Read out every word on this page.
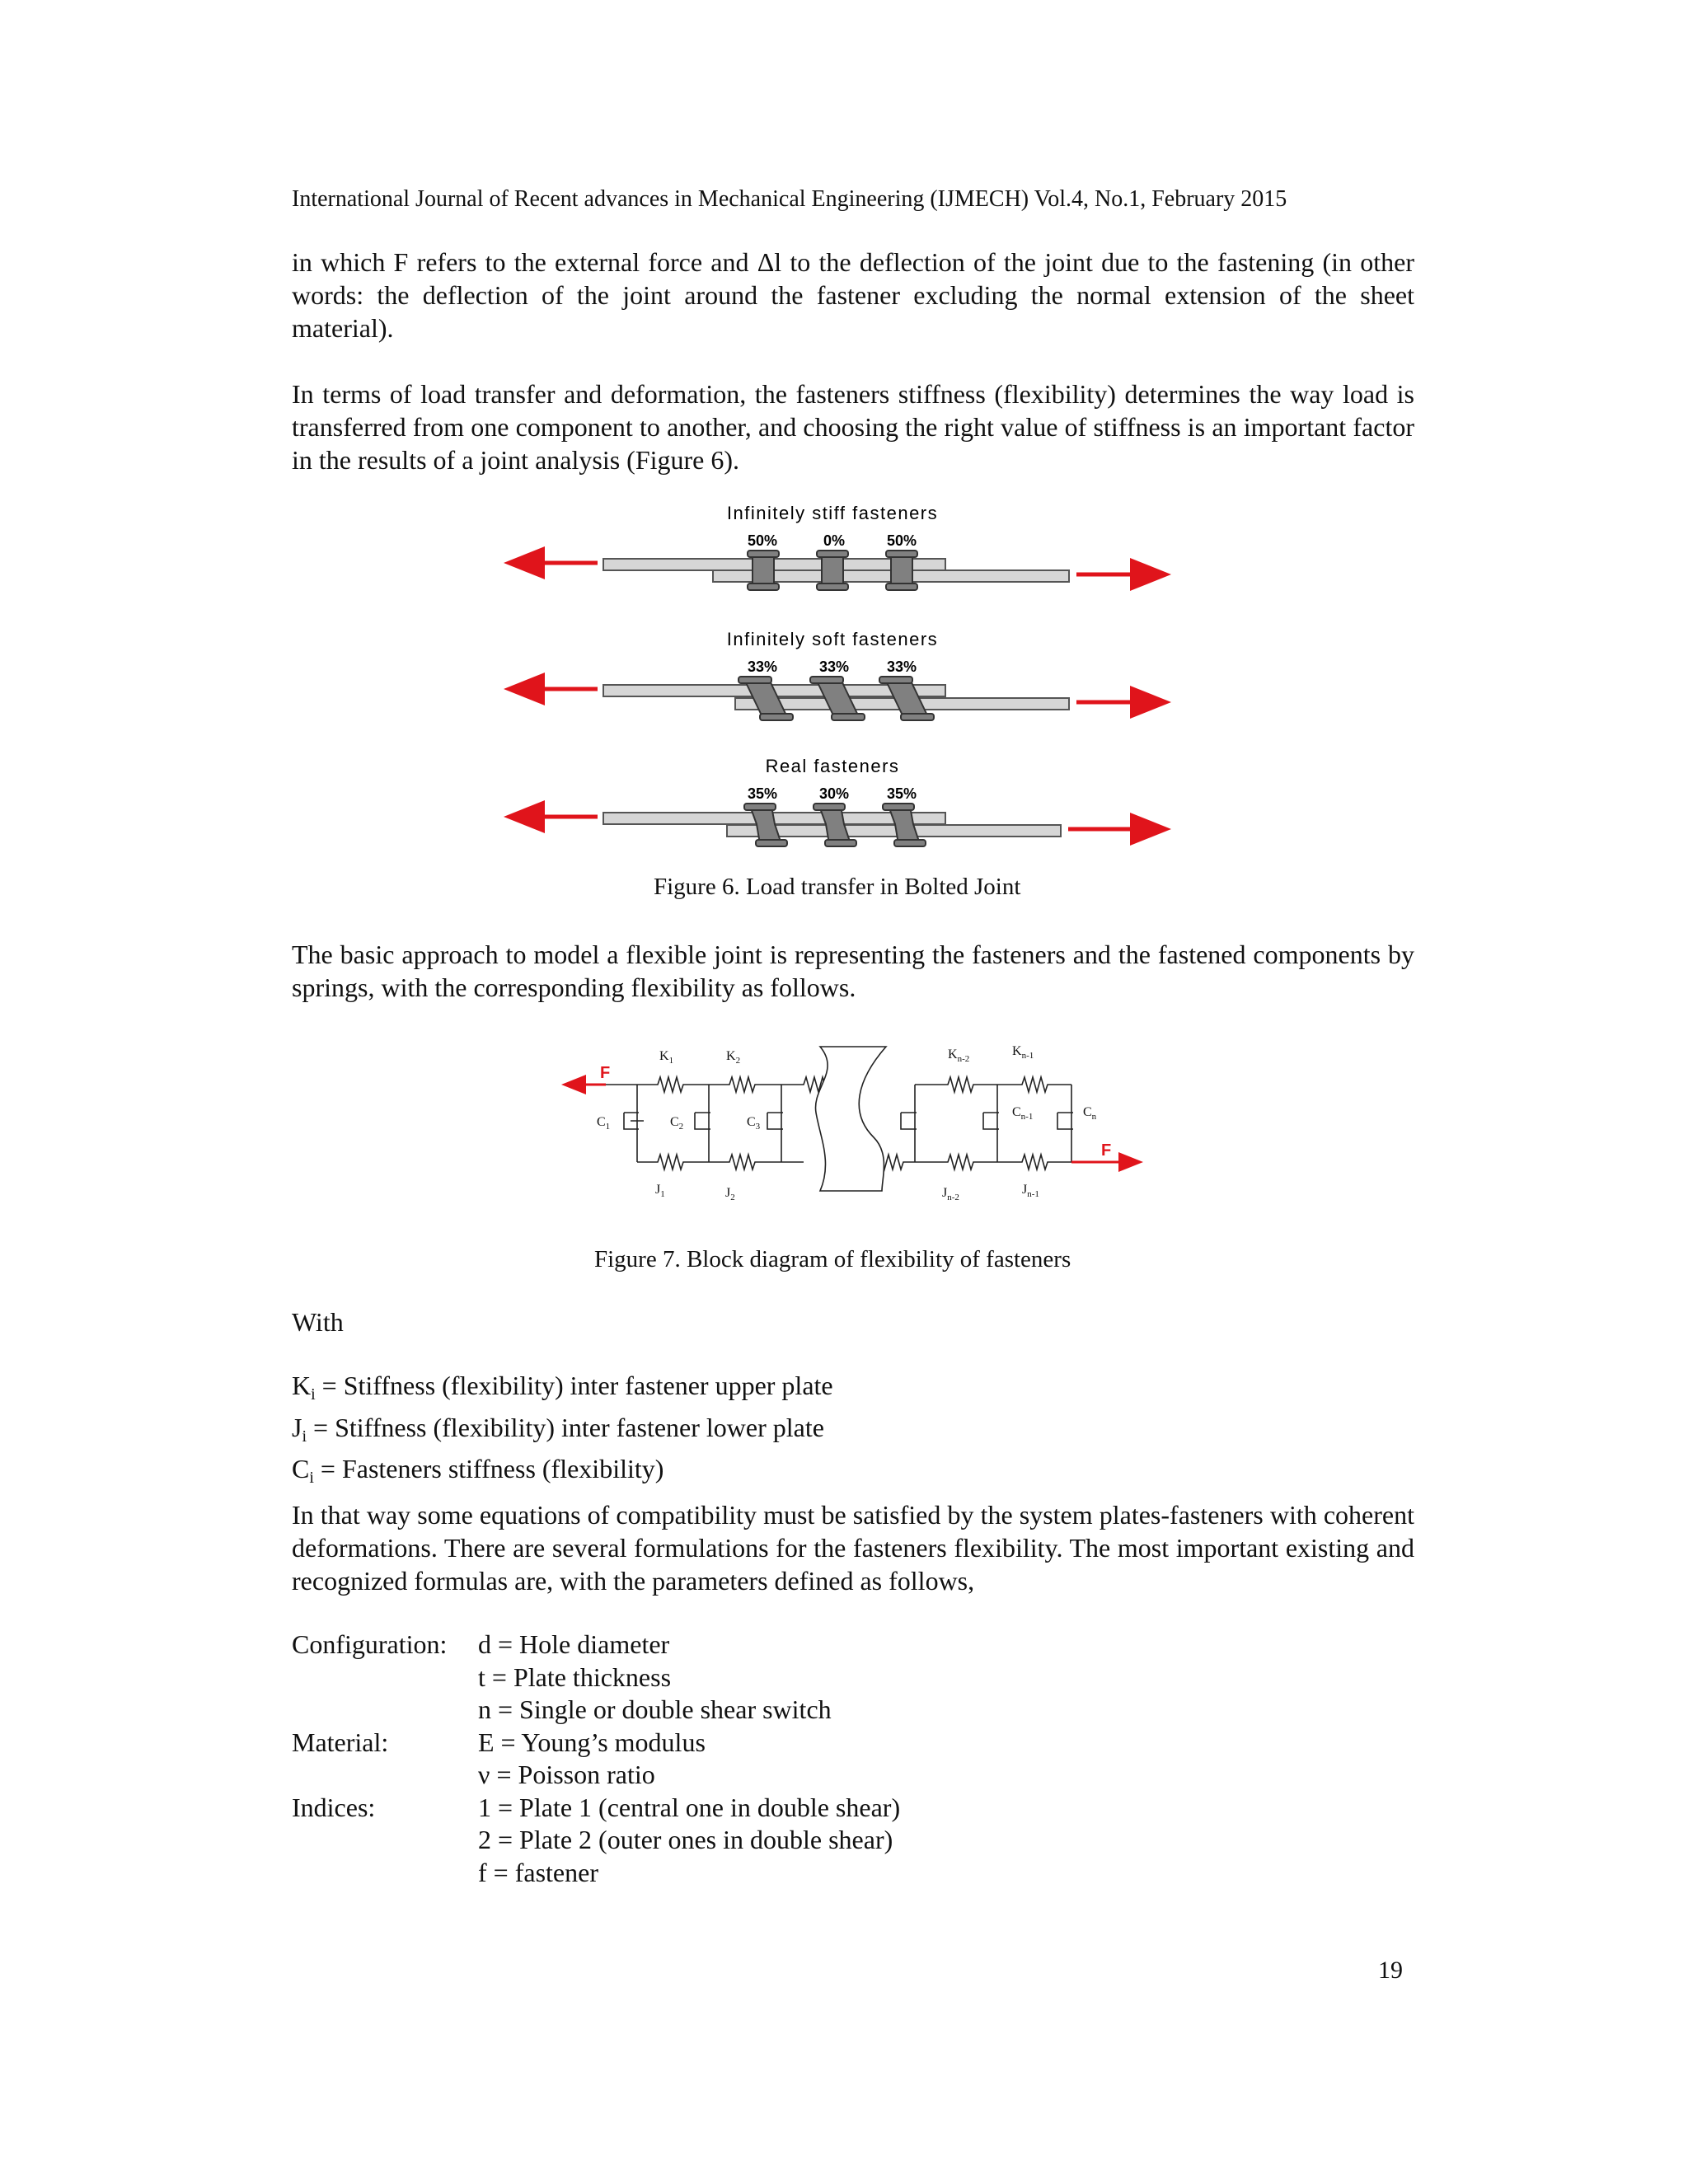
International Journal of Recent advances in Mechanical Engineering (IJMECH) Vol.4, No.1, February 2015
in which F refers to the external force and Δl to the deflection of the joint due to the fastening (in other words: the deflection of the joint around the fastener excluding the normal extension of the sheet material).
In terms of load transfer and deformation, the fasteners stiffness (flexibility) determines the way load is transferred from one component to another, and choosing the right value of stiffness is an important factor in the results of a joint analysis (Figure 6).
Infinitely stiff fasteners
50%	0%	50%
Infinitely soft fasteners
33%	33%	33%
Real fasteners
35%	30%	35%
Figure 6. Load transfer in Bolted Joint
The basic approach to model a flexible joint is representing the fasteners and the fastened components by springs, with the corresponding flexibility as follows.
F
F
$K_1$	$K_2$	$K_{n-2}$
$K_{n-1}$
$C_1$	$C_2$	$C_3$
$C_{n-1}$	$C_n$
$J_1$	$J_2$	$J_{n-2}$
$J_{n-1}$
Figure 7. Block diagram of flexibility of fasteners
With
$K_i$ = Stiffness (flexibility) inter fastener upper plate
$J_i$ = Stiffness (flexibility) inter fastener lower plate
$C_i$ = Fasteners stiffness (flexibility)
In that way some equations of compatibility must be satisfied by the system plates-fasteners with coherent deformations. There are several formulations for the fasteners flexibility. The most important existing and recognized formulas are, with the parameters defined as follows,
Configuration:	d = Hole diameter
t = Plate thickness
n = Single or double shear switch
Material:	E = Young’s modulus
ν = Poisson ratio
Indices:	1 = Plate 1 (central one in double shear)
2 = Plate 2 (outer ones in double shear)
f = fastener
19
